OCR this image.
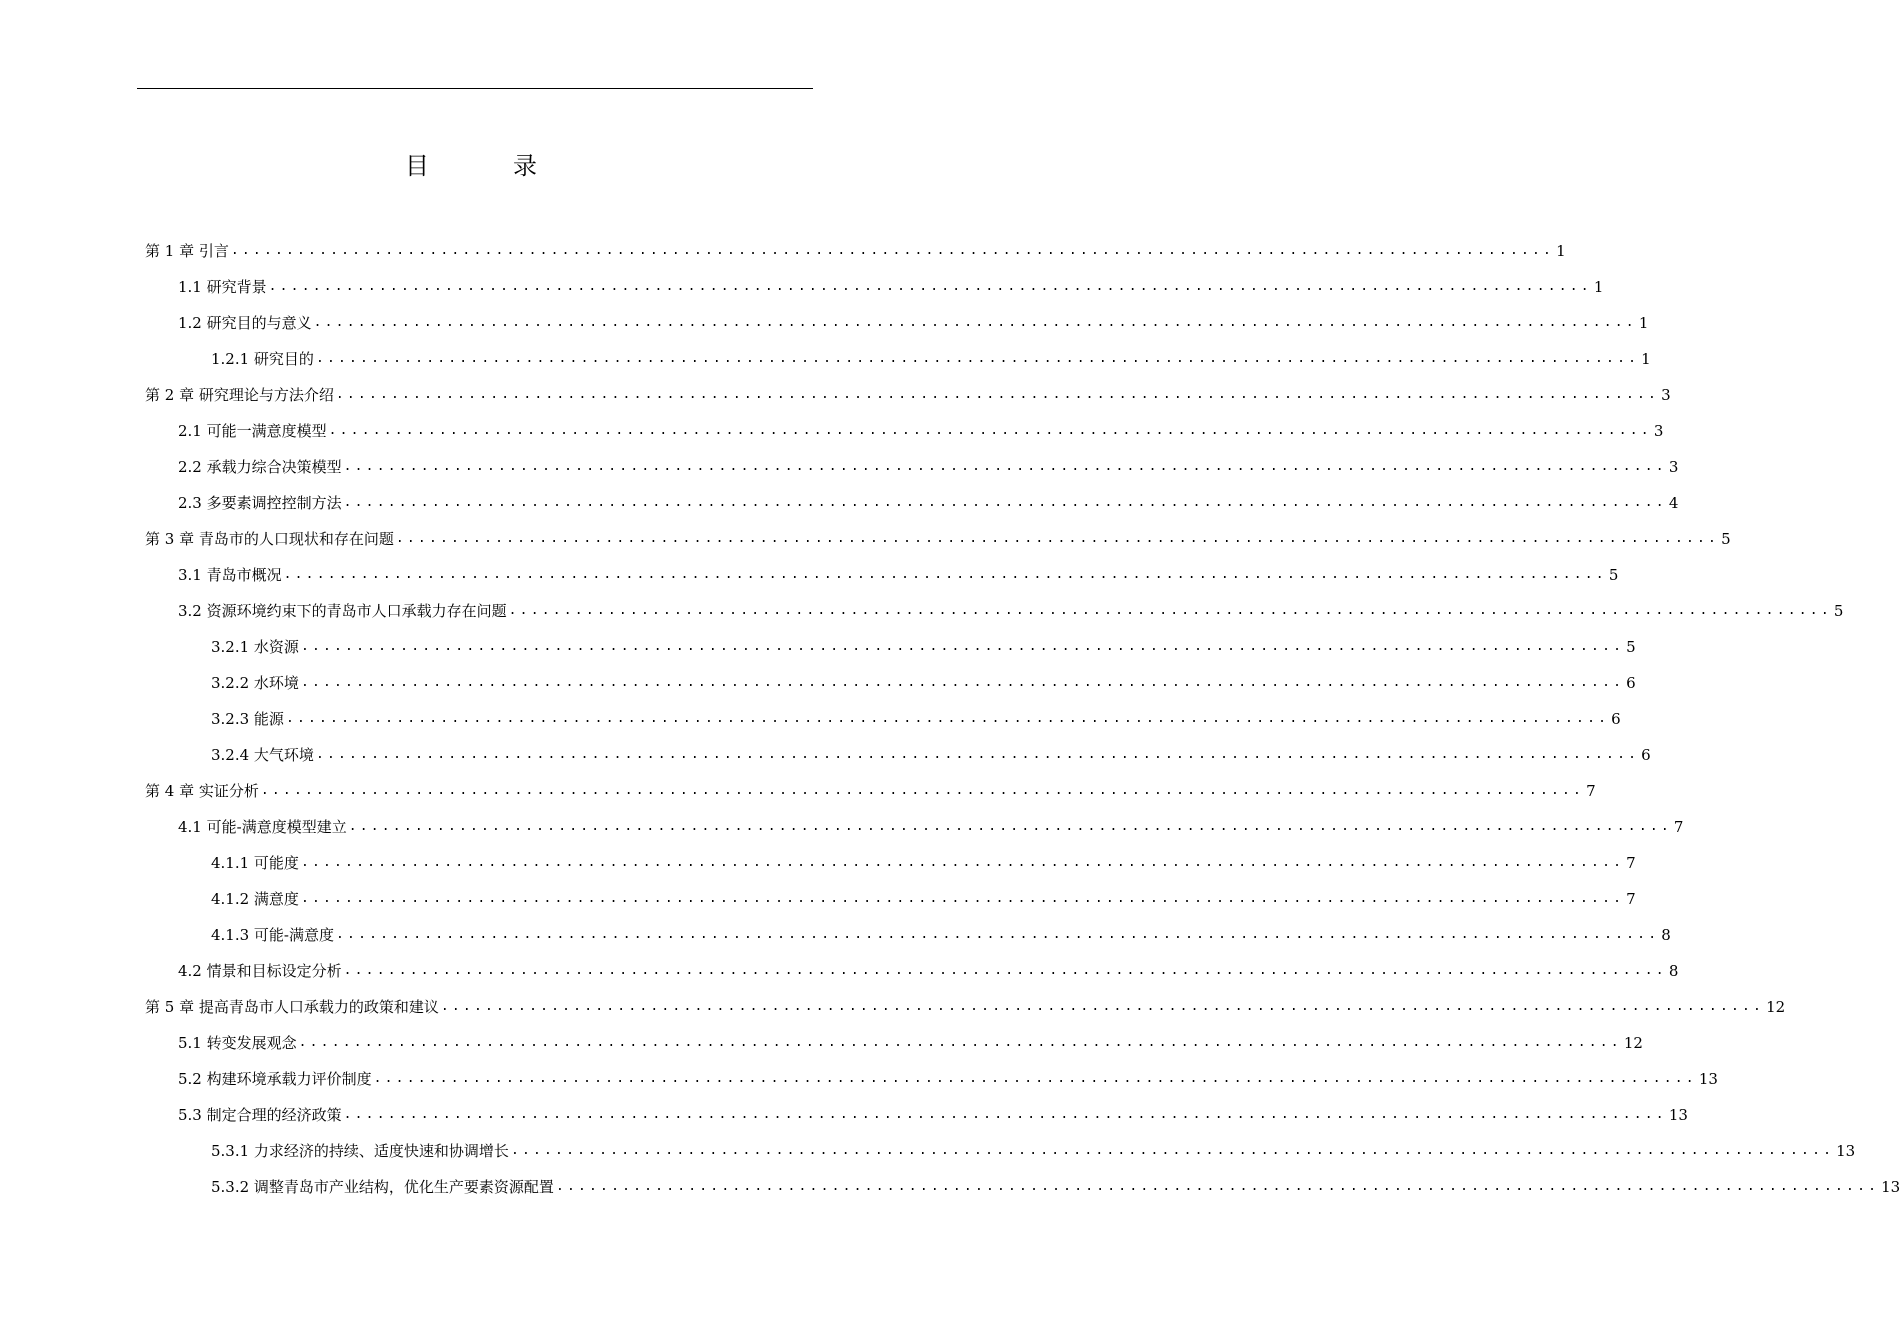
目　录
第 1 章 引言 ........................................................................................................................ 1
1.1 研究背景 ........................................................................................................................ 1
1.2 研究目的与意义 ........................................................................................................................ 1
1.2.1 研究目的 ........................................................................................................................ 1
第 2 章 研究理论与方法介绍 ........................................................................................................................ 3
2.1 可能一满意度模型 ........................................................................................................................ 3
2.2 承载力综合决策模型 ........................................................................................................................ 3
2.3 多要素调控控制方法 ........................................................................................................................ 4
第 3 章 青岛市的人口现状和存在问题 ........................................................................................................................ 5
3.1 青岛市概况 ........................................................................................................................ 5
3.2 资源环境约束下的青岛市人口承载力存在问题 ........................................................................................................................ 5
3.2.1 水资源 ........................................................................................................................ 5
3.2.2 水环境 ........................................................................................................................ 6
3.2.3 能源 ........................................................................................................................ 6
3.2.4 大气环境 ........................................................................................................................ 6
第 4 章 实证分析 ........................................................................................................................ 7
4.1 可能-满意度模型建立 ........................................................................................................................ 7
4.1.1 可能度 ........................................................................................................................ 7
4.1.2 满意度 ........................................................................................................................ 7
4.1.3 可能-满意度 ........................................................................................................................ 8
4.2 情景和目标设定分析 ........................................................................................................................ 8
第 5 章 提高青岛市人口承载力的政策和建议 ........................................................................................................................ 12
5.1 转变发展观念 ........................................................................................................................ 12
5.2 构建环境承载力评价制度 ........................................................................................................................ 13
5.3 制定合理的经济政策 ........................................................................................................................ 13
5.3.1 力求经济的持续、适度快速和协调增长 ........................................................................................................................ 13
5.3.2 调整青岛市产业结构，优化生产要素资源配置 ........................................................................................................................ 13
